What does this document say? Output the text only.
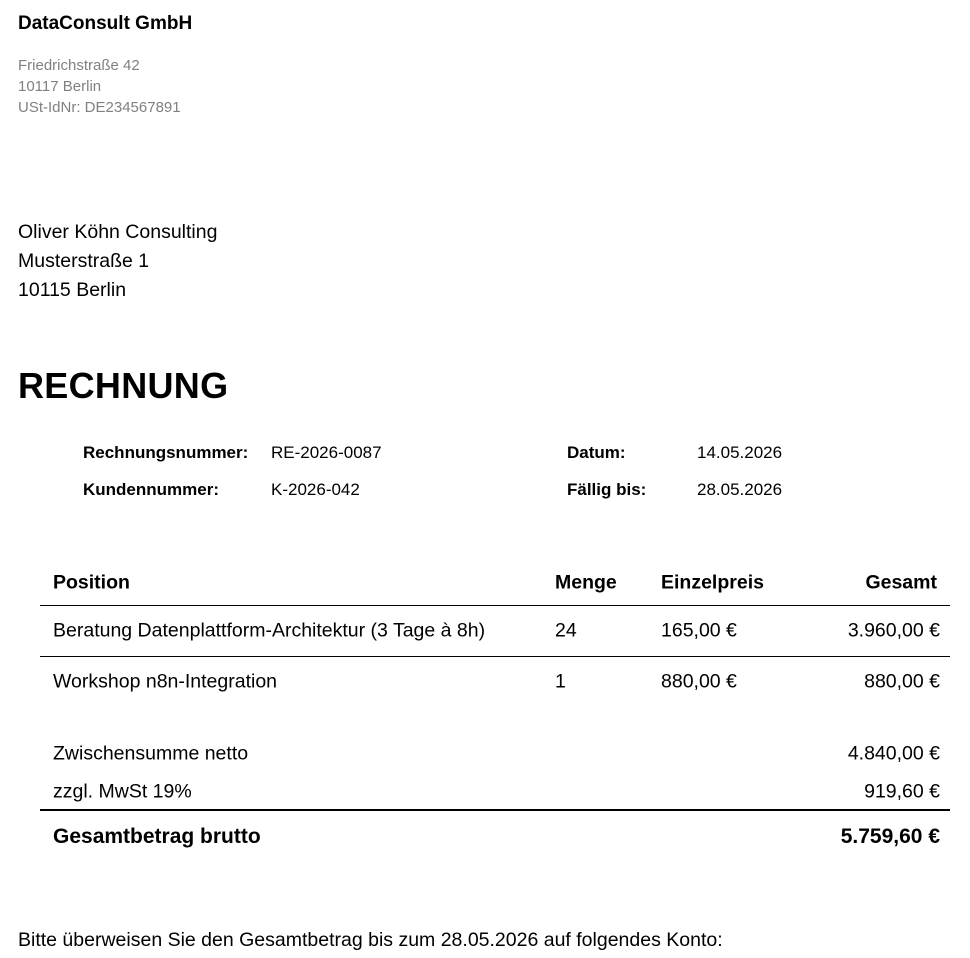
DataConsult GmbH
Friedrichstraße 42
10117 Berlin
USt-IdNr: DE234567891
Oliver Köhn Consulting
Musterstraße 1
10115 Berlin
RECHNUNG
Rechnungsnummer: RE-2026-0087	Datum:	14.05.2026
Kundennummer:	K-2026-042	Fällig bis:	28.05.2026
Position	Menge Einzelpreis	Gesamt
Beratung Datenplattform-Architektur (3 Tage à 8h)	24	165,00 €	3.960,00 €
Workshop n8n-Integration	1	880,00 €	880,00 €
Zwischensumme netto	4.840,00 €
zzgl. MwSt 19%	919,60 €
Gesamtbetrag brutto	5.759,60 €
Bitte überweisen Sie den Gesamtbetrag bis zum 28.05.2026 auf folgendes Konto:
